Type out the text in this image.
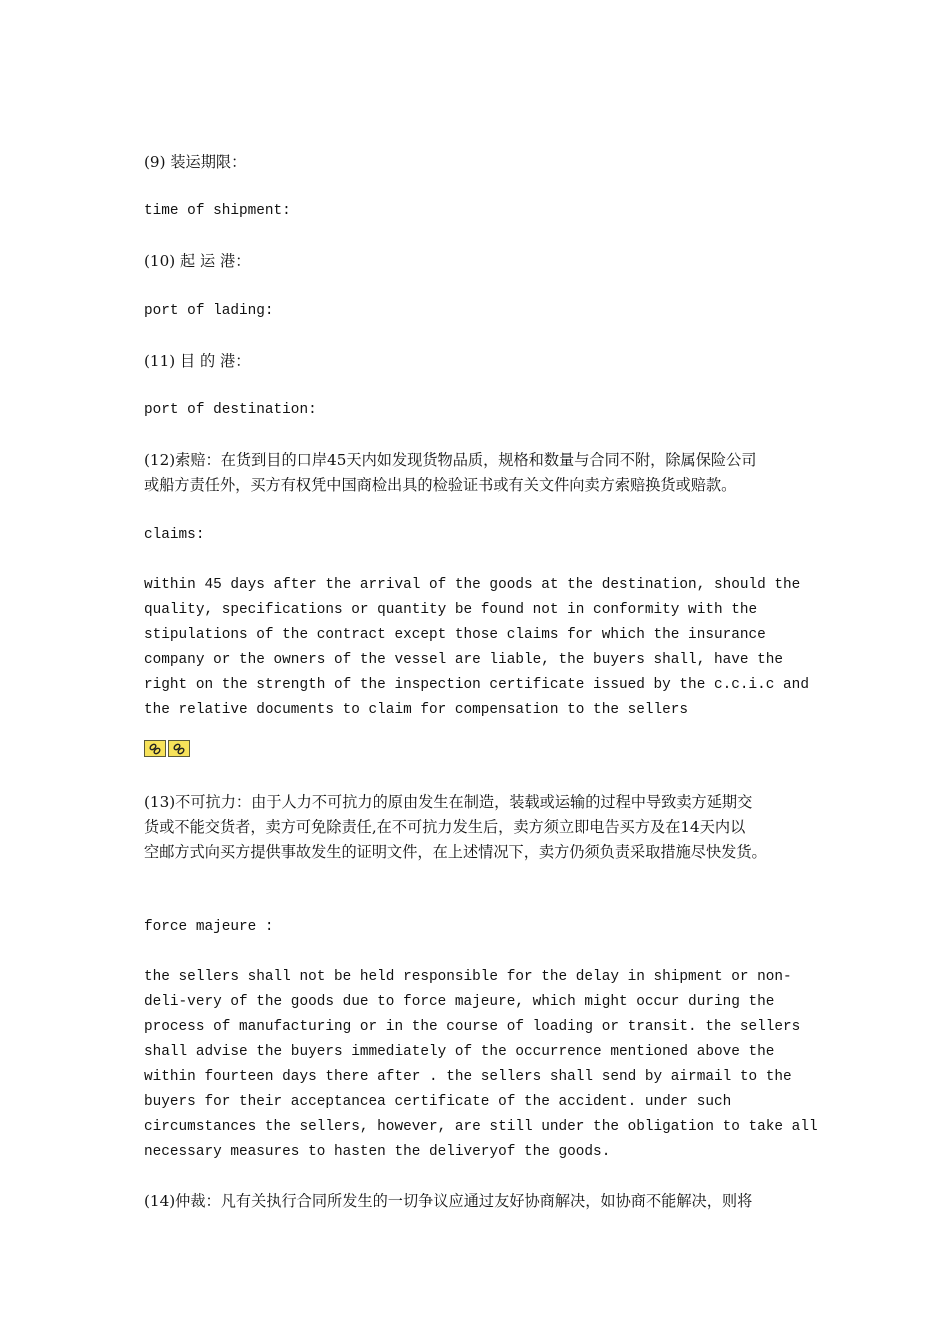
(9) 装运期限：
time of shipment:
(10) 起 运 港：
port of lading:
(11) 目 的 港：
port of destination:
(12)索赔：在货到目的口岸45天内如发现货物品质，规格和数量与合同不附，除属保险公司
或船方责任外，买方有权凭中国商检出具的检验证书或有关文件向卖方索赔换货或赔款。
claims:
within 45 days after the arrival of the goods at the destination, should the
quality, specifications or quantity be found not in conformity with the
stipulations of the contract except those claims for which the insurance
company or the owners of the vessel are liable, the buyers shall, have the
right on the strength of the inspection certificate issued by the c.c.i.c and
the relative documents to claim for compensation to the sellers
(13)不可抗力：由于人力不可抗力的原由发生在制造，装载或运输的过程中导致卖方延期交
货或不能交货者，卖方可免除责任,在不可抗力发生后，卖方须立即电告买方及在14天内以
空邮方式向买方提供事故发生的证明文件，在上述情况下，卖方仍须负责采取措施尽快发货。
force majeure :
the sellers shall not be held responsible for the delay in shipment or non-
deli-very of the goods due to force majeure, which might occur during the
process of manufacturing or in the course of loading or transit. the sellers
shall advise the buyers immediately of the occurrence mentioned above the
within fourteen days there after . the sellers shall send by airmail to the
buyers for their acceptancea certificate of the accident. under such
circumstances the sellers, however, are still under the obligation to take all
necessary measures to hasten the deliveryof the goods.
(14)仲裁：凡有关执行合同所发生的一切争议应通过友好协商解决，如协商不能解决，则将
